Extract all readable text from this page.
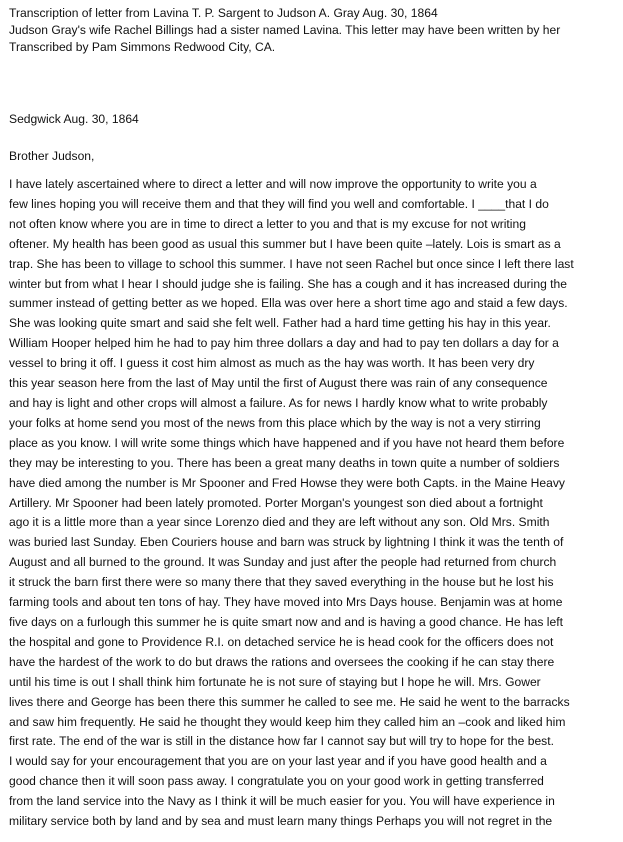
Transcription of letter from Lavina T. P. Sargent to Judson A. Gray Aug. 30, 1864
Judson Gray's wife Rachel Billings had a sister named Lavina. This letter may have been written by her
Transcribed by Pam Simmons Redwood City, CA.
Sedgwick Aug. 30, 1864
Brother Judson,
I have lately ascertained where to direct a letter and will now improve the opportunity to write you a
few lines hoping you will receive them and that they will find you well and comfortable. I ____that I do
not often know where you are in time to direct a letter to you and that is my excuse for not writing
oftener. My health has been good as usual this summer but I have been quite –lately. Lois is smart as a
trap. She has been to village to school this summer. I have not seen Rachel but once since I left there last
winter but from what I hear I should judge she is failing. She has a cough and it has increased during the
summer instead of getting better as we hoped. Ella was over here a short time ago and staid a few days.
She was looking quite smart and said she felt well. Father had a hard time getting his hay in this year.
William Hooper helped him he had to pay him three dollars a day and had to pay ten dollars a day for a
vessel to bring it off. I guess it cost him almost as much as the hay was worth. It has been very dry
this year season here from the last of May until the first of August there was rain of any consequence
and hay is light and other crops will almost a failure. As for news I hardly know what to write probably
your folks at home send you most of the news from this place which by the way is not a very stirring
place as you know. I will write some things which have happened and if you have not heard them before
they may be interesting to you. There has been a great many deaths in town quite a number of soldiers
have died among the number is Mr Spooner and Fred Howse they were both Capts. in the Maine Heavy
Artillery. Mr Spooner had been lately promoted. Porter Morgan's youngest son died about a fortnight
ago it is a little more than a year since Lorenzo died and they are left without any son. Old Mrs. Smith
was buried last Sunday. Eben Couriers house and barn was struck by lightning I think it was the tenth of
August and all burned to the ground. It was Sunday and just after the people had returned from church
it struck the barn first there were so many there that they saved everything in the house but he lost his
farming tools and about ten tons of hay. They have moved into Mrs Days house. Benjamin was at home
five days on a furlough this summer he is quite smart now and and is having a good chance. He has left
the hospital and gone to Providence R.I. on detached service he is head cook for the officers does not
have the hardest of the work to do but draws the rations and oversees the cooking if he can stay there
until his time is out I shall think him fortunate he is not sure of staying but I hope he will. Mrs. Gower
lives there and George has been there this summer he called to see me. He said he went to the barracks
and saw him frequently. He said he thought they would keep him they called him an –cook and liked him
first rate. The end of the war is still in the distance how far I cannot say but will try to hope for the best.
I would say for your encouragement that you are on your last year and if you have good health and a
good chance then it will soon pass away. I congratulate you on your good work in getting transferred
from the land service into the Navy as I think it will be much easier for you. You will have experience in
military service both by land and by sea and must learn many things Perhaps you will not regret in the
